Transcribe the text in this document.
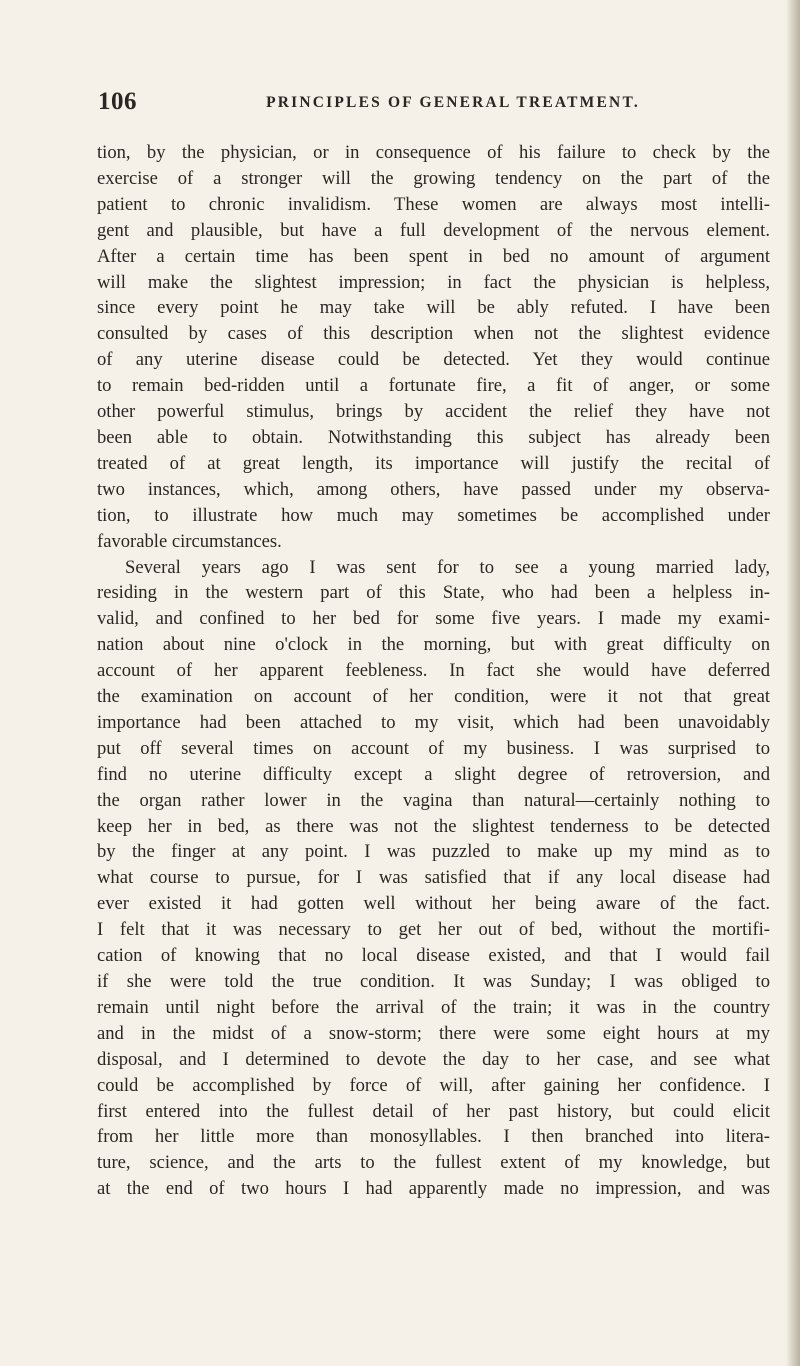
106	PRINCIPLES OF GENERAL TREATMENT.
tion, by the physician, or in consequence of his failure to check by the
exercise of a stronger will the growing tendency on the part of the
patient to chronic invalidism. These women are always most intelli-
gent and plausible, but have a full development of the nervous element.
After a certain time has been spent in bed no amount of argument
will make the slightest impression; in fact the physician is helpless,
since every point he may take will be ably refuted. I have been
consulted by cases of this description when not the slightest evidence
of any uterine disease could be detected. Yet they would continue
to remain bed-ridden until a fortunate fire, a fit of anger, or some
other powerful stimulus, brings by accident the relief they have not
been able to obtain. Notwithstanding this subject has already been
treated of at great length, its importance will justify the recital of
two instances, which, among others, have passed under my observa-
tion, to illustrate how much may sometimes be accomplished under
favorable circumstances.
Several years ago I was sent for to see a young married lady,
residing in the western part of this State, who had been a helpless in-
valid, and confined to her bed for some five years. I made my exami-
nation about nine o'clock in the morning, but with great difficulty on
account of her apparent feebleness. In fact she would have deferred
the examination on account of her condition, were it not that great
importance had been attached to my visit, which had been unavoidably
put off several times on account of my business. I was surprised to
find no uterine difficulty except a slight degree of retroversion, and
the organ rather lower in the vagina than natural—certainly nothing to
keep her in bed, as there was not the slightest tenderness to be detected
by the finger at any point. I was puzzled to make up my mind as to
what course to pursue, for I was satisfied that if any local disease had
ever existed it had gotten well without her being aware of the fact.
I felt that it was necessary to get her out of bed, without the mortifi-
cation of knowing that no local disease existed, and that I would fail
if she were told the true condition. It was Sunday; I was obliged to
remain until night before the arrival of the train; it was in the country
and in the midst of a snow-storm; there were some eight hours at my
disposal, and I determined to devote the day to her case, and see what
could be accomplished by force of will, after gaining her confidence. I
first entered into the fullest detail of her past history, but could elicit
from her little more than monosyllables. I then branched into litera-
ture, science, and the arts to the fullest extent of my knowledge, but
at the end of two hours I had apparently made no impression, and was
